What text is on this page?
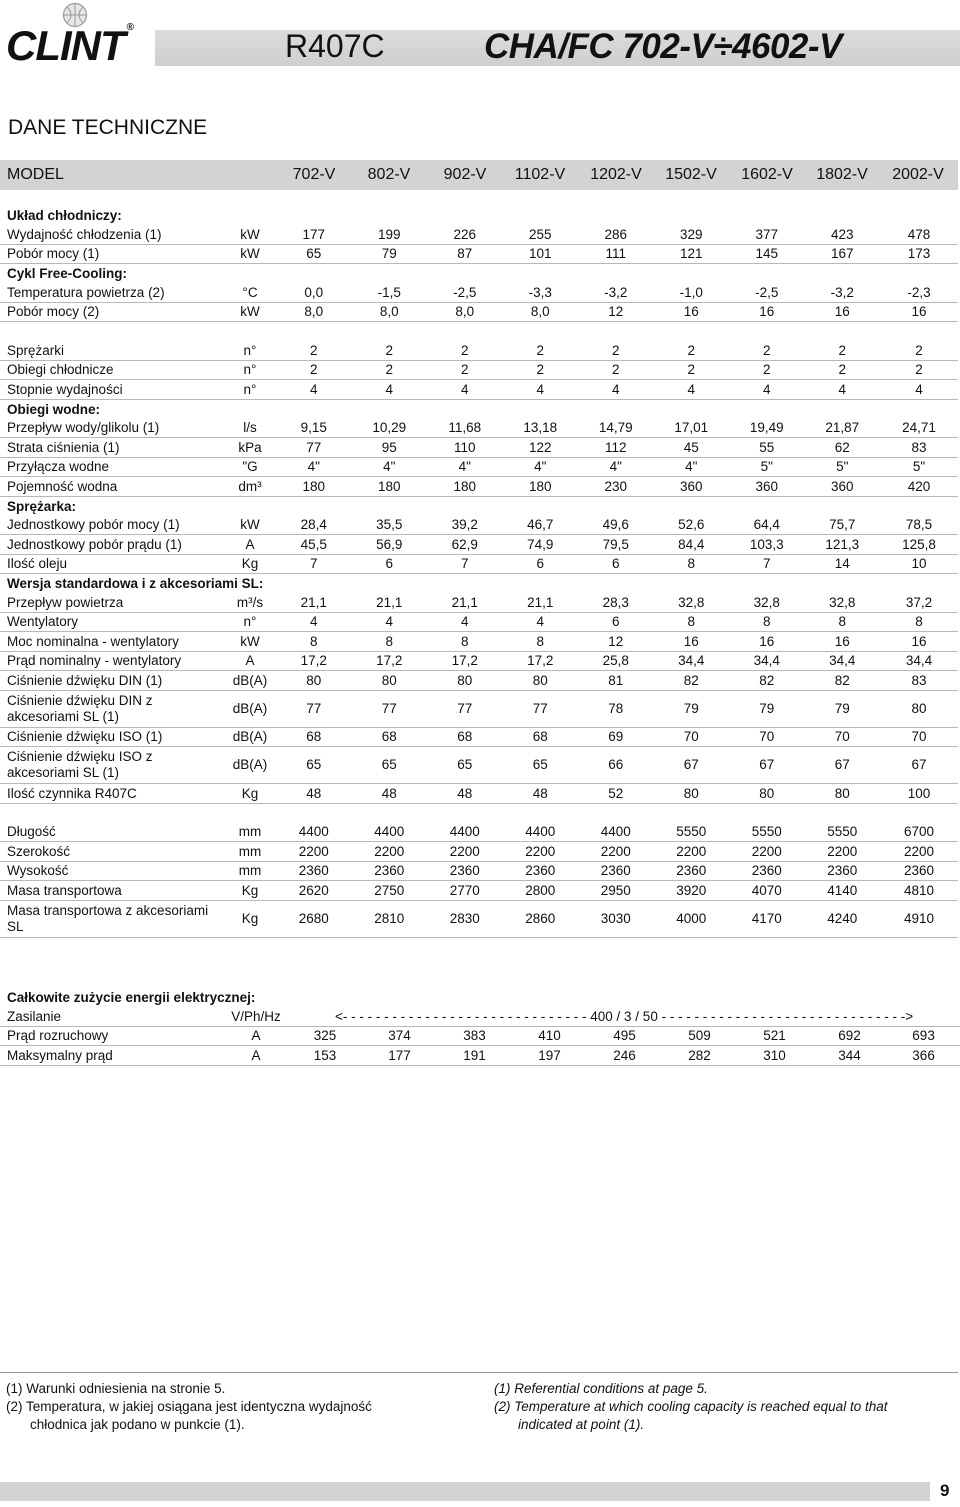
CLINT ®
R407C	CHA/FC 702-V÷4602-V
DANE TECHNICZNE
MODEL	702-V	802-V	902-V	1102-V	1202-V	1502-V	1602-V	1802-V	2002-V
Układ chłodniczy:										
Wydajność chłodzenia (1)	kW	177	199	226	255	286	329	377	423	478
Pobór mocy (1)	kW	65	79	87	101	111	121	145	167	173
Cykl Free-Cooling:										
Temperatura powietrza (2)	°C	0,0	-1,5	-2,5	-3,3	-3,2	-1,0	-2,5	-3,2	-2,3
Pobór mocy (2)	kW	8,0	8,0	8,0	8,0	12	16	16	16	16

Sprężarki	n°	2	2	2	2	2	2	2	2	2
Obiegi chłodnicze	n°	2	2	2	2	2	2	2	2	2
Stopnie wydajności	n°	4	4	4	4	4	4	4	4	4
Obiegi wodne:										
Przepływ wody/glikolu (1)	l/s	9,15	10,29	11,68	13,18	14,79	17,01	19,49	21,87	24,71
Strata ciśnienia (1)	kPa	77	95	110	122	112	45	55	62	83
Przyłącza wodne	"G	4"	4"	4"	4"	4"	4"	5"	5"	5"
Pojemność wodna	dm³	180	180	180	180	230	360	360	360	420
Sprężarka:										
Jednostkowy pobór mocy (1)	kW	28,4	35,5	39,2	46,7	49,6	52,6	64,4	75,7	78,5
Jednostkowy pobór prądu (1)	A	45,5	56,9	62,9	74,9	79,5	84,4	103,3	121,3	125,8
Ilość oleju	Kg	7	6	7	6	6	8	7	14	10
Wersja standardowa i z akcesoriami SL:										
Przepływ powietrza	m³/s	21,1	21,1	21,1	21,1	28,3	32,8	32,8	32,8	37,2
Wentylatory	n°	4	4	4	4	6	8	8	8	8
Moc nominalna - wentylatory	kW	8	8	8	8	12	16	16	16	16
Prąd nominalny - wentylatory	A	17,2	17,2	17,2	17,2	25,8	34,4	34,4	34,4	34,4
Ciśnienie dźwięku DIN (1)	dB(A)	80	80	80	80	81	82	82	82	83
Ciśnienie dźwięku DIN z akcesoriami SL (1)	dB(A)	77	77	77	77	78	79	79	79	80
Ciśnienie dźwięku ISO (1)	dB(A)	68	68	68	68	69	70	70	70	70
Ciśnienie dźwięku ISO z akcesoriami SL (1)	dB(A)	65	65	65	65	66	67	67	67	67
Ilość czynnika R407C	Kg	48	48	48	48	52	80	80	80	100

Długość	mm	4400	4400	4400	4400	4400	5550	5550	5550	6700
Szerokość	mm	2200	2200	2200	2200	2200	2200	2200	2200	2200
Wysokość	mm	2360	2360	2360	2360	2360	2360	2360	2360	2360
Masa transportowa	Kg	2620	2750	2770	2800	2950	3920	4070	4140	4810
Masa transportowa z akcesoriami SL	Kg	2680	2810	2830	2860	3030	4000	4170	4240	4910
Całkowite zużycie energii elektrycznej:										
Zasilanie	V/Ph/Hz	<- - - - - - - - - - - - - - - - - - - - - - - - - - - - - - 400 / 3 / 50 - - - - - - - - - - - - - - - - - - - - - - - - - - - - - ->								
Prąd rozruchowy	A	325	374	383	410	495	509	521	692	693
Maksymalny prąd	A	153	177	191	197	246	282	310	344	366
(1) Warunki odniesienia na stronie 5.
(2) Temperatura, w jakiej osiągana jest identyczna wydajność
chłodnica jak podano w punkcie (1).
(1) Referential conditions at page 5.
(2) Temperature at which cooling capacity is reached equal to that
indicated at point (1).
9
